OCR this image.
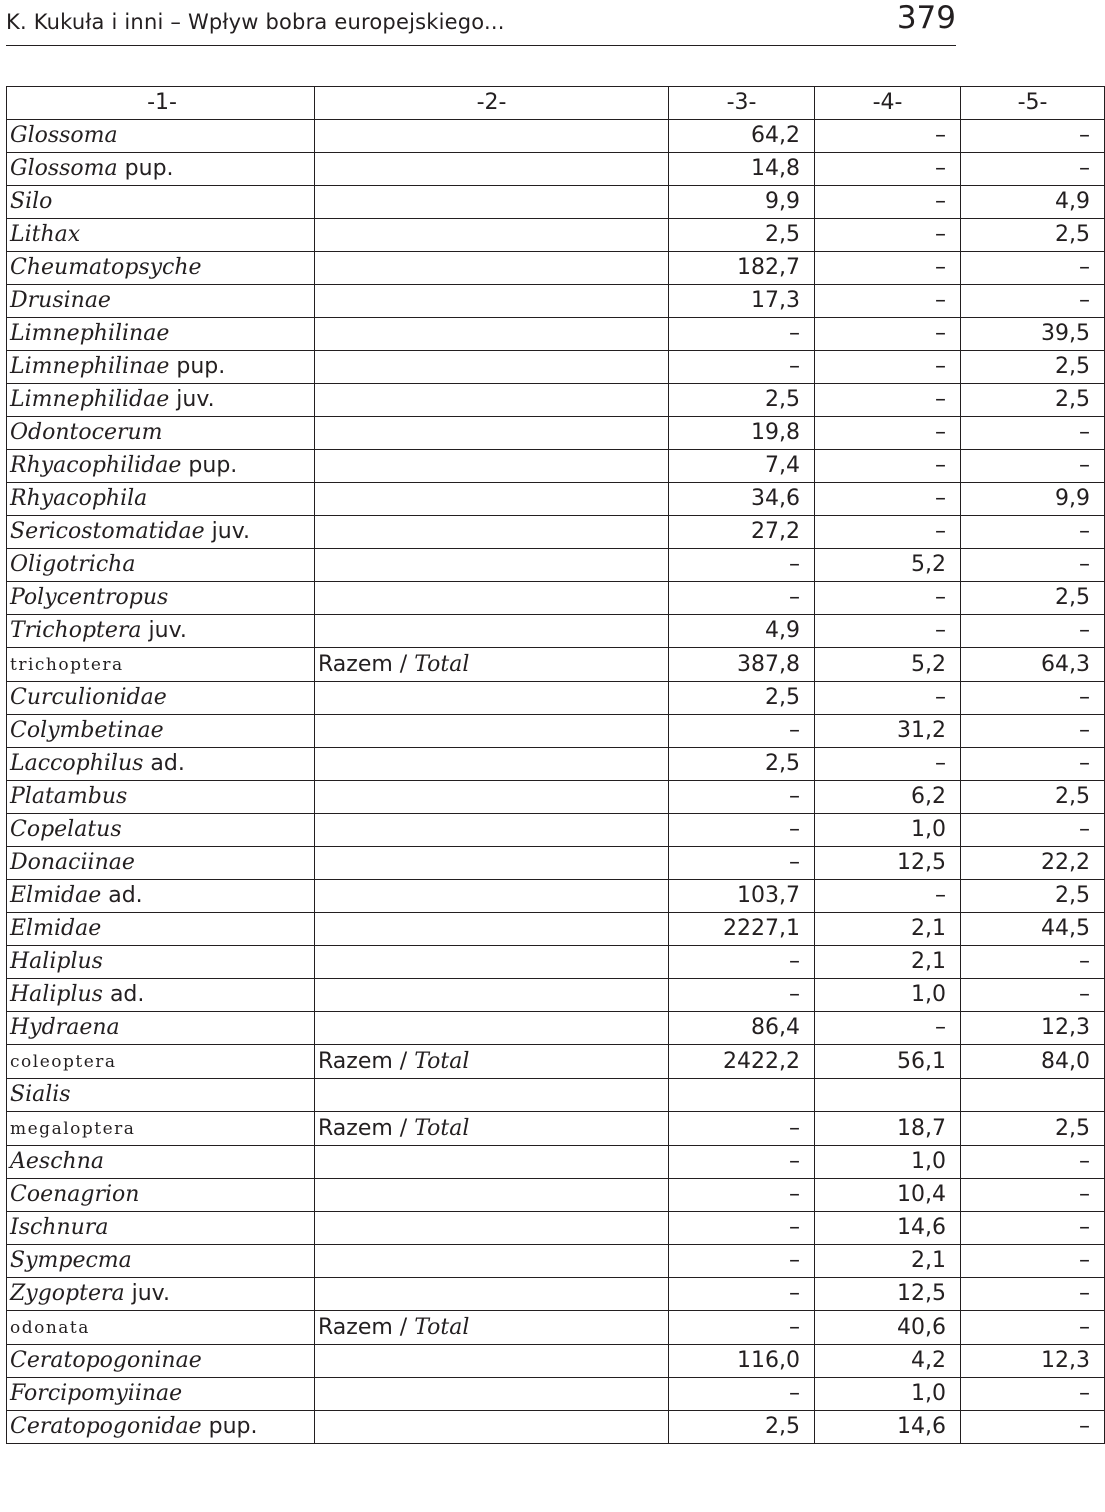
K. Kukuła i inni – Wpływ bobra europejskiego...	379
-1-	-2-	-3-	-4-	-5-
Glossoma		64,2	–	–
Glossoma pup.		14,8	–	–
Silo		9,9	–	4,9
Lithax		2,5	–	2,5
Cheumatopsyche		182,7	–	–
Drusinae		17,3	–	–
Limnephilinae		–	–	39,5
Limnephilinae pup.		–	–	2,5
Limnephilidae juv.		2,5	–	2,5
Odontocerum		19,8	–	–
Rhyacophilidae pup.		7,4	–	–
Rhyacophila		34,6	–	9,9
Sericostomatidae juv.		27,2	–	–
Oligotricha		–	5,2	–
Polycentropus		–	–	2,5
Trichoptera juv.		4,9	–	–
trichoptera	Razem / Total	387,8	5,2	64,3
Curculionidae		2,5	–	–
Colymbetinae		–	31,2	–
Laccophilus ad.		2,5	–	–
Platambus		–	6,2	2,5
Copelatus		–	1,0	–
Donaciinae		–	12,5	22,2
Elmidae ad.		103,7	–	2,5
Elmidae		2227,1	2,1	44,5
Haliplus		–	2,1	–
Haliplus ad.		–	1,0	–
Hydraena		86,4	–	12,3
coleoptera	Razem / Total	2422,2	56,1	84,0
Sialis				
megaloptera	Razem / Total	–	18,7	2,5
Aeschna		–	1,0	–
Coenagrion		–	10,4	–
Ischnura		–	14,6	–
Sympecma		–	2,1	–
Zygoptera juv.		–	12,5	–
odonata	Razem / Total	–	40,6	–
Ceratopogoninae		116,0	4,2	12,3
Forcipomyiinae		–	1,0	–
Ceratopogonidae pup.		2,5	14,6	–
